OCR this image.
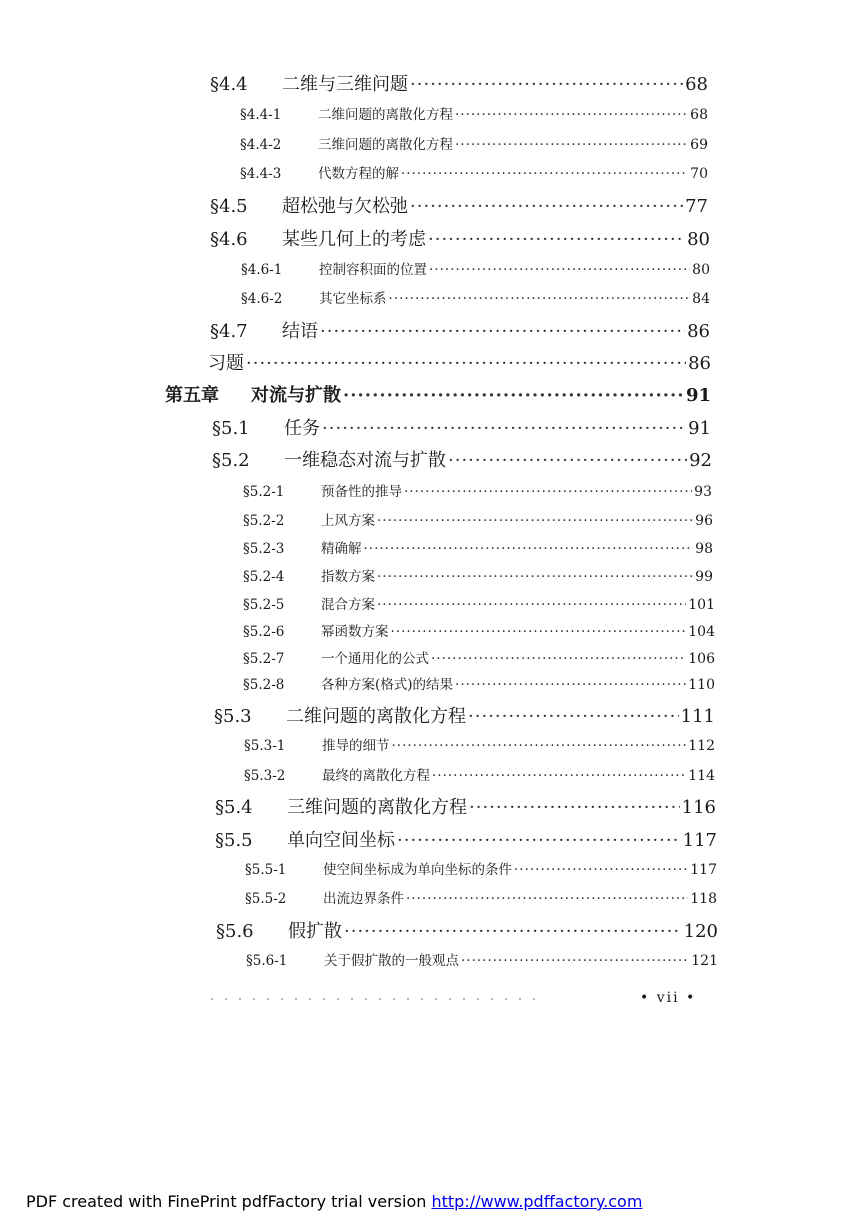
§4.4	二维与三维问题 ·····	68
§4.4-1	二维问题的离散化方程 ·····	68
§4.4-2	三维问题的离散化方程 ·····	69
§4.4-3	代数方程的解 ·····	70
§4.5	超松弛与欠松弛 ·····	77
§4.6	某些几何上的考虑 ·····	80
§4.6-1	控制容积面的位置 ·····	80
§4.6-2	其它坐标系 ·····	84
§4.7	结语 ·····	86
习题 ·····	86
第五章	对流与扩散 ·····	91
§5.1	任务 ·····	91
§5.2	一维稳态对流与扩散 ·····	92
§5.2-1	预备性的推导 ·····	93
§5.2-2	上风方案 ·····	96
§5.2-3	精确解 ·····	98
§5.2-4	指数方案 ·····	99
§5.2-5	混合方案 ·····	101
§5.2-6	幂函数方案 ·····	104
§5.2-7	一个通用化的公式 ·····	106
§5.2-8	各种方案(格式)的结果 ·····	110
§5.3	二维问题的离散化方程 ·····	111
§5.3-1	推导的细节 ·····	112
§5.3-2	最终的离散化方程 ·····	114
§5.4	三维问题的离散化方程 ·····	116
§5.5	单向空间坐标 ·····	117
§5.5-1	使空间坐标成为单向坐标的条件 ·····	117
§5.5-2	出流边界条件 ·····	118
§5.6	假扩散 ·····	120
§5.6-1	关于假扩散的一般观点 ·····	121
• vii •
PDF created with FinePrint pdfFactory trial version http://www.pdffactory.com
